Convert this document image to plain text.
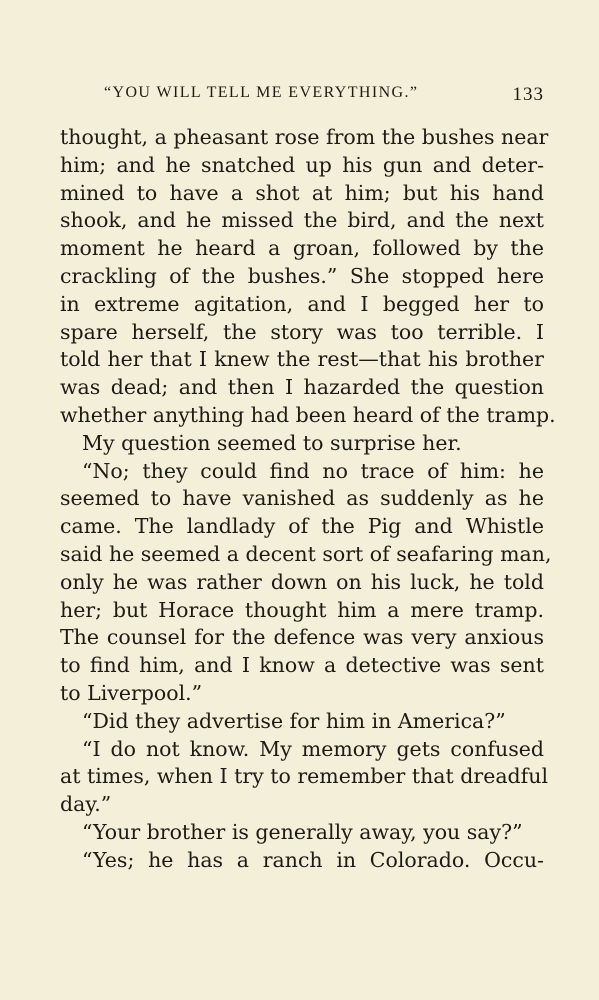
“YOU WILL TELL ME EVERYTHING.”	133
thought, a pheasant rose from the bushes near
him; and he snatched up his gun and deter-
mined to have a shot at him; but his hand
shook, and he missed the bird, and the next
moment he heard a groan, followed by the
crackling of the bushes.” She stopped here
in extreme agitation, and I begged her to
spare herself, the story was too terrible. I
told her that I knew the rest—that his brother
was dead; and then I hazarded the question
whether anything had been heard of the tramp.
My question seemed to surprise her.
“No; they could find no trace of him: he
seemed to have vanished as suddenly as he
came. The landlady of the Pig and Whistle
said he seemed a decent sort of seafaring man,
only he was rather down on his luck, he told
her; but Horace thought him a mere tramp.
The counsel for the defence was very anxious
to find him, and I know a detective was sent
to Liverpool.”
“Did they advertise for him in America?”
“I do not know. My memory gets confused
at times, when I try to remember that dreadful
day.”
“Your brother is generally away, you say?”
“Yes; he has a ranch in Colorado. Occu-
